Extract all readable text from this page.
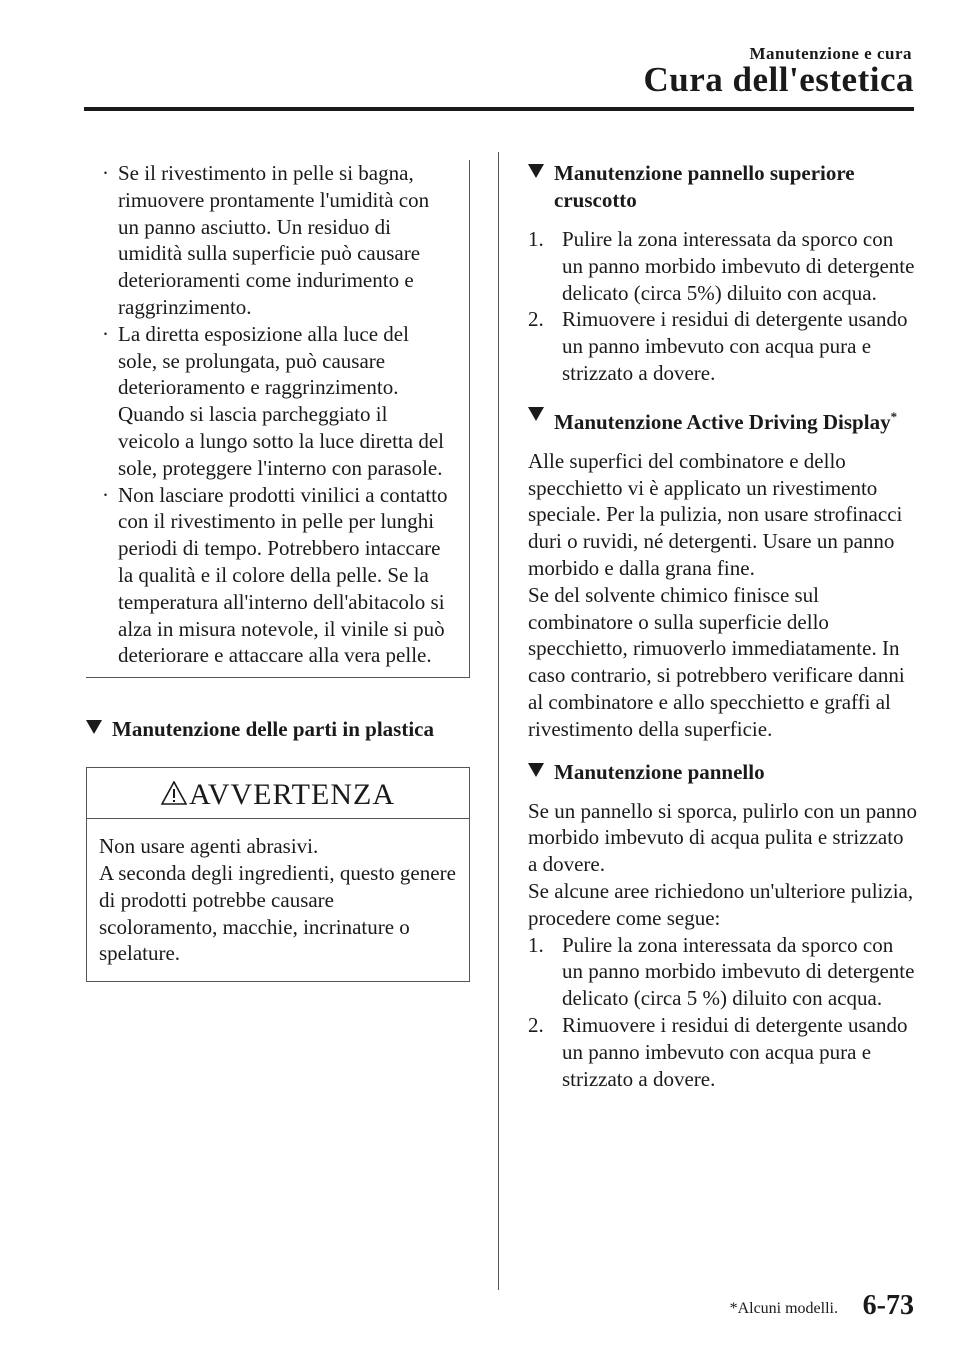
Manutenzione e cura
Cura dell'estetica
· Se il rivestimento in pelle si bagna, rimuovere prontamente l'umidità con un panno asciutto. Un residuo di umidità sulla superficie può causare deterioramenti come indurimento e raggrinzimento.
· La diretta esposizione alla luce del sole, se prolungata, può causare deterioramento e raggrinzimento. Quando si lascia parcheggiato il veicolo a lungo sotto la luce diretta del sole, proteggere l'interno con parasole.
· Non lasciare prodotti vinilici a contatto con il rivestimento in pelle per lunghi periodi di tempo. Potrebbero intaccare la qualità e il colore della pelle. Se la temperatura all'interno dell'abitacolo si alza in misura notevole, il vinile si può deteriorare e attaccare alla vera pelle.
Manutenzione delle parti in plastica
AVVERTENZA
Non usare agenti abrasivi.
A seconda degli ingredienti, questo genere di prodotti potrebbe causare scoloramento, macchie, incrinature o spelature.
Manutenzione pannello superiore cruscotto
1. Pulire la zona interessata da sporco con un panno morbido imbevuto di detergente delicato (circa 5%) diluito con acqua.
2. Rimuovere i residui di detergente usando un panno imbevuto con acqua pura e strizzato a dovere.
Manutenzione Active Driving Display*
Alle superfici del combinatore e dello specchietto vi è applicato un rivestimento speciale. Per la pulizia, non usare strofinacci duri o ruvidi, né detergenti. Usare un panno morbido e dalla grana fine.
Se del solvente chimico finisce sul combinatore o sulla superficie dello specchietto, rimuoverlo immediatamente. In caso contrario, si potrebbero verificare danni al combinatore e allo specchietto e graffi al rivestimento della superficie.
Manutenzione pannello
Se un pannello si sporca, pulirlo con un panno morbido imbevuto di acqua pulita e strizzato a dovere.
Se alcune aree richiedono un'ulteriore pulizia, procedere come segue:
1. Pulire la zona interessata da sporco con un panno morbido imbevuto di detergente delicato (circa 5 %) diluito con acqua.
2. Rimuovere i residui di detergente usando un panno imbevuto con acqua pura e strizzato a dovere.
*Alcuni modelli. 6-73
